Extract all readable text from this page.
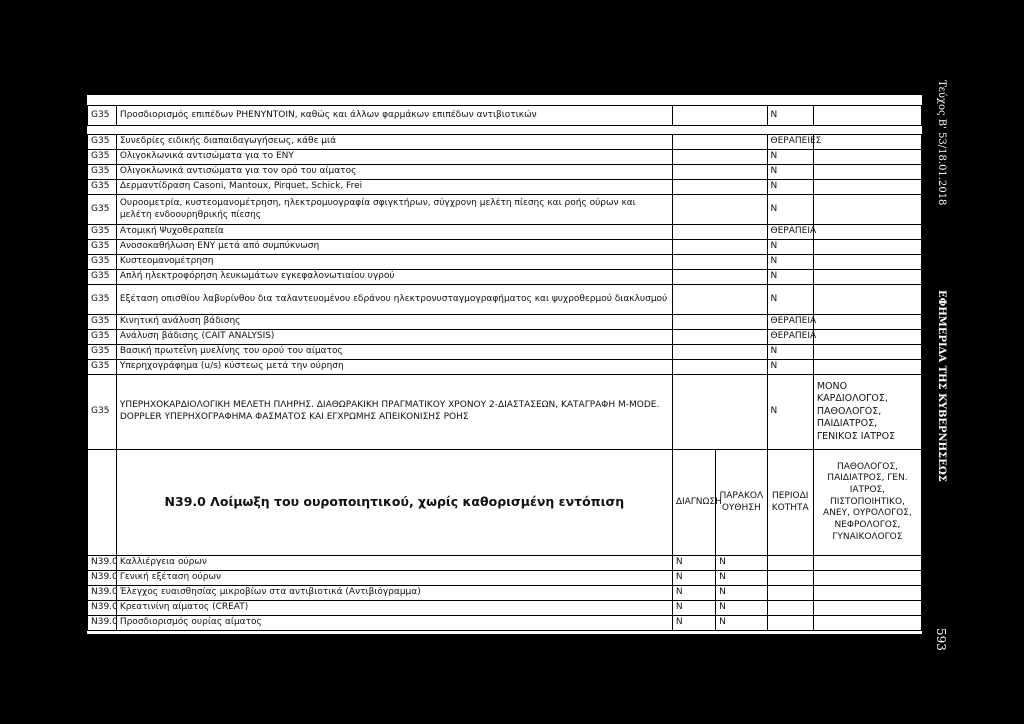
G35	Προσδιορισμός επιπέδων PHENYNTOIN, καθώς και άλλων φαρμάκων επιπέδων αντιβιοτικών			N	

G35	Συνεδρίες ειδικής διαπαιδαγωγήσεως, κάθε μιά			ΘΕΡΑΠΕΙΕΣ	
G35	Ολιγοκλωνικά αντισώματα για το ΕΝΥ			N	
G35	Ολιγοκλωνικά αντισώματα για τον ορό του αίματος			N	
G35	Δερμαντίδραση Casoni, Mantoux, Pirquet, Schick, Frei			N	
G35	Ουροομετρία, κυστεομανομέτρηση, ηλεκτρομυογραφία σφιγκτήρων, σύγχρονη μελέτη πίεσης και ροής ούρων και μελέτη ενδοουρηθρικής πίεσης			N	
G35	Ατομική Ψυχοθεραπεία			ΘΕΡΑΠΕΙΑ	
G35	Ανοσοκαθήλωση ΕΝΥ μετά από συμπύκνωση			N	
G35	Κυστεομανομέτρηση			N	
G35	Απλή ηλεκτροφόρηση λευκωμάτων εγκεφαλονωτιαίου υγρού			N	
G35	Εξέταση οπισθίου λαβυρίνθου δια ταλαντευομένου εδράνου ηλεκτρονυσταγμογραφήματος και ψυχροθερμού διακλυσμού			N	
G35	Κινητική ανάλυση βάδισης			ΘΕΡΑΠΕΙΑ	
G35	Ανάλυση βάδισης (CAIT ANALYSIS)			ΘΕΡΑΠΕΙΑ	
G35	Βασική πρωτεΐνη μυελίνης του ορού του αίματος			N	
G35	Υπερηχογράφημα (u/s) κύστεως μετά την ούρηση			N	
G35	ΥΠΕΡΗΧΟΚΑΡΔΙΟΛΟΓΙΚΗ ΜΕΛΕΤΗ ΠΛΗΡΗΣ. ΔΙΑΘΩΡΑΚΙΚΗ ΠΡΑΓΜΑΤΙΚΟΥ ΧΡΟΝΟΥ 2-ΔΙΑΣΤΑΣΕΩΝ, ΚΑΤΑΓΡΑΦΗ M-MODE. DOPPLER ΥΠΕΡΗΧΟΓΡΑΦΗΜΑ ΦΑΣΜΑΤΟΣ ΚΑΙ ΕΓΧΡΩΜΗΣ ΑΠΕΙΚΟΝΙΣΗΣ ΡΟΗΣ			N	ΜΟΝΟ ΚΑΡΔΙΟΛΟΓΟΣ, ΠΑΘΟΛΟΓΟΣ, ΠΑΙΔΙΑΤΡΟΣ, ΓΕΝΙΚΟΣ ΙΑΤΡΟΣ
	Ν39.0 Λοίμωξη του ουροποιητικού, χωρίς καθορισμένη εντόπιση	ΔΙΑΓΝΩΣΗ	ΠΑΡΑΚΟΛΟΥΘΗΣΗ	ΠΕΡΙΟΔΙΚΟΤΗΤΑ	ΠΑΘΟΛΟΓΟΣ, ΠΑΙΔΙΑΤΡΟΣ, ΓΕΝ. ΙΑΤΡΟΣ, ΠΙΣΤΟΠΟΙΗΤΙΚΟ, ΑΝΕΥ, ΟΥΡΟΛΟΓΟΣ, ΝΕΦΡΟΛΟΓΟΣ, ΓΥΝΑΙΚΟΛΟΓΟΣ
N39.0	Καλλιέργεια ούρων	N	N		
N39.0	Γενική εξέταση ούρων	N	N		
N39.0	Έλεγχος ευαισθησίας μικροβίων στα αντιβιοτικά (Αντιβιόγραμμα)	N	N		
N39.0	Κρεατινίνη αίματος (CREAT)	N	N		
N39.0	Προσδιορισμός ουρίας αίματος	N	N		
Τεύχος Β' 53/18.01.2018
ΕΦΗΜΕΡΙΔΑ ΤΗΣ ΚΥΒΕΡΝΗΣΕΩΣ
593
